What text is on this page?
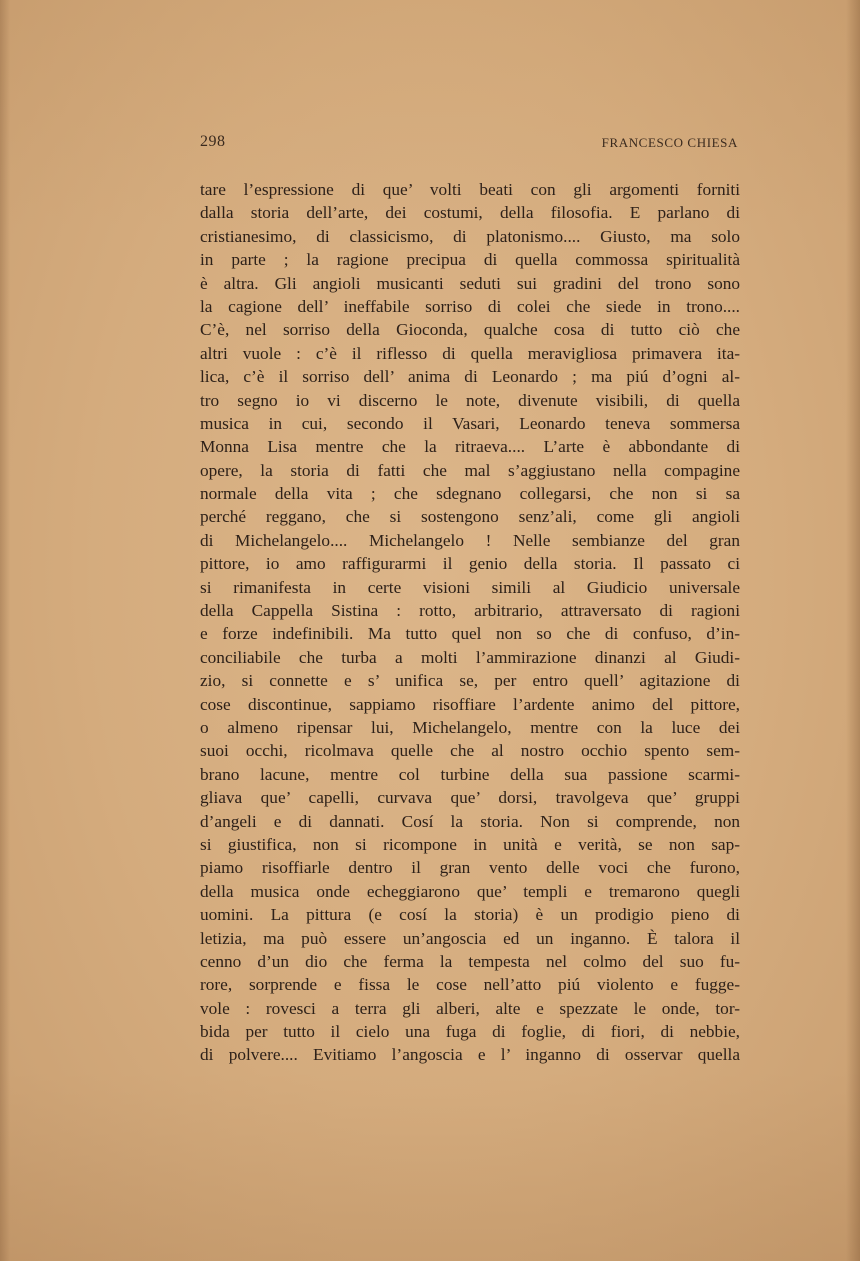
298	FRANCESCO CHIESA
tare l’espressione di que’ volti beati con gli argomenti forniti
dalla storia dell’arte, dei costumi, della filosofia. E parlano di
cristianesimo, di classicismo, di platonismo.... Giusto, ma solo
in parte ; la ragione precipua di quella commossa spiritualità
è altra. Gli angioli musicanti seduti sui gradini del trono sono
la cagione dell’ ineffabile sorriso di colei che siede in trono....
C’è, nel sorriso della Gioconda, qualche cosa di tutto ciò che
altri vuole : c’è il riflesso di quella meravigliosa primavera ita-
lica, c’è il sorriso dell’ anima di Leonardo ; ma piú d’ogni al-
tro segno io vi discerno le note, divenute visibili, di quella
musica in cui, secondo il Vasari, Leonardo teneva sommersa
Monna Lisa mentre che la ritraeva.... L’arte è abbondante di
opere, la storia di fatti che mal s’aggiustano nella compagine
normale della vita ; che sdegnano collegarsi, che non si sa
perché reggano, che si sostengono senz’ali, come gli angioli
di Michelangelo.... Michelangelo ! Nelle sembianze del gran
pittore, io amo raffigurarmi il genio della storia. Il passato ci
si rimanifesta in certe visioni simili al Giudicio universale
della Cappella Sistina : rotto, arbitrario, attraversato di ragioni
e forze indefinibili. Ma tutto quel non so che di confuso, d’in-
conciliabile che turba a molti l’ammirazione dinanzi al Giudi-
zio, si connette e s’ unifica se, per entro quell’ agitazione di
cose discontinue, sappiamo risoffiare l’ardente animo del pittore,
o almeno ripensar lui, Michelangelo, mentre con la luce dei
suoi occhi, ricolmava quelle che al nostro occhio spento sem-
brano lacune, mentre col turbine della sua passione scarmi-
gliava que’ capelli, curvava que’ dorsi, travolgeva que’ gruppi
d’angeli e di dannati. Cosí la storia. Non si comprende, non
si giustifica, non si ricompone in unità e verità, se non sap-
piamo risoffiarle dentro il gran vento delle voci che furono,
della musica onde echeggiarono que’ templi e tremarono quegli
uomini. La pittura (e cosí la storia) è un prodigio pieno di
letizia, ma può essere un’angoscia ed un inganno. È talora il
cenno d’un dio che ferma la tempesta nel colmo del suo fu-
rore, sorprende e fissa le cose nell’atto piú violento e fugge-
vole : rovesci a terra gli alberi, alte e spezzate le onde, tor-
bida per tutto il cielo una fuga di foglie, di fiori, di nebbie,
di polvere.... Evitiamo l’angoscia e l’ inganno di osservar quella
